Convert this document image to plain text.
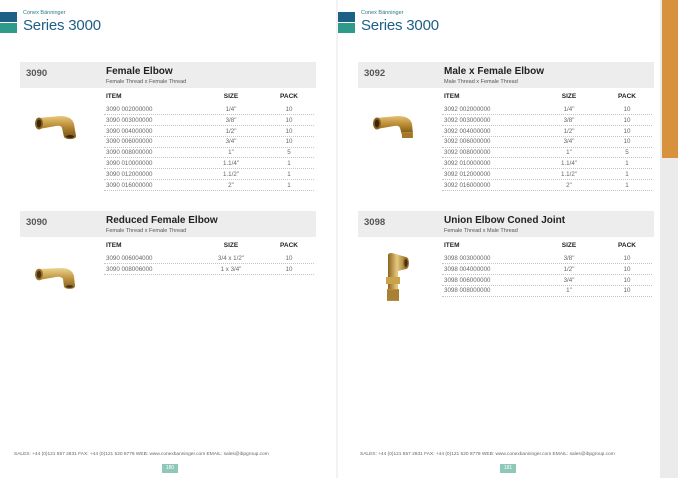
Conex Bänninger
Series 3000
3090	Female Elbow
Female Thread x Female Thread
ITEM	SIZE	PACK
3090 002000000	1/4"	10
3090 003000000	3/8"	10
3090 004000000	1/2"	10
3090 006000000	3/4"	10
3090 008000000	1"	5
3090 010000000	1.1/4"	1
3090 012000000	1.1/2"	1
3090 016000000	2"	1
3090	Reduced Female Elbow
Female Thread x Female Thread
ITEM	SIZE	PACK
3090 006004000	3/4 x 1/2"	10
3090 008006000	1 x 3/4"	10
SALES: +44 (0)121 557 2831 FAX: +44 (0)121 520 8778 WEB: www.conexbanninger.com EMAIL: sales@ibpgroup.com
180
Conex Bänninger
Series 3000
3092	Male x Female Elbow
Male Thread x Female Thread
ITEM	SIZE	PACK
3092 002000000	1/4"	10
3092 003000000	3/8"	10
3092 004000000	1/2"	10
3092 006000000	3/4"	10
3092 008000000	1"	5
3092 010000000	1.1/4"	1
3092 012000000	1.1/2"	1
3092 016000000	2"	1
3098	Union Elbow Coned Joint
Female Thread x Male Thread
ITEM	SIZE	PACK
3098 003000000	3/8"	10
3098 004000000	1/2"	10
3098 006000000	3/4"	10
3098 008000000	1"	10
SALES: +44 (0)121 557 2831 FAX: +44 (0)121 520 8778 WEB: www.conexbanninger.com EMAIL: sales@ibpgroup.com
181
